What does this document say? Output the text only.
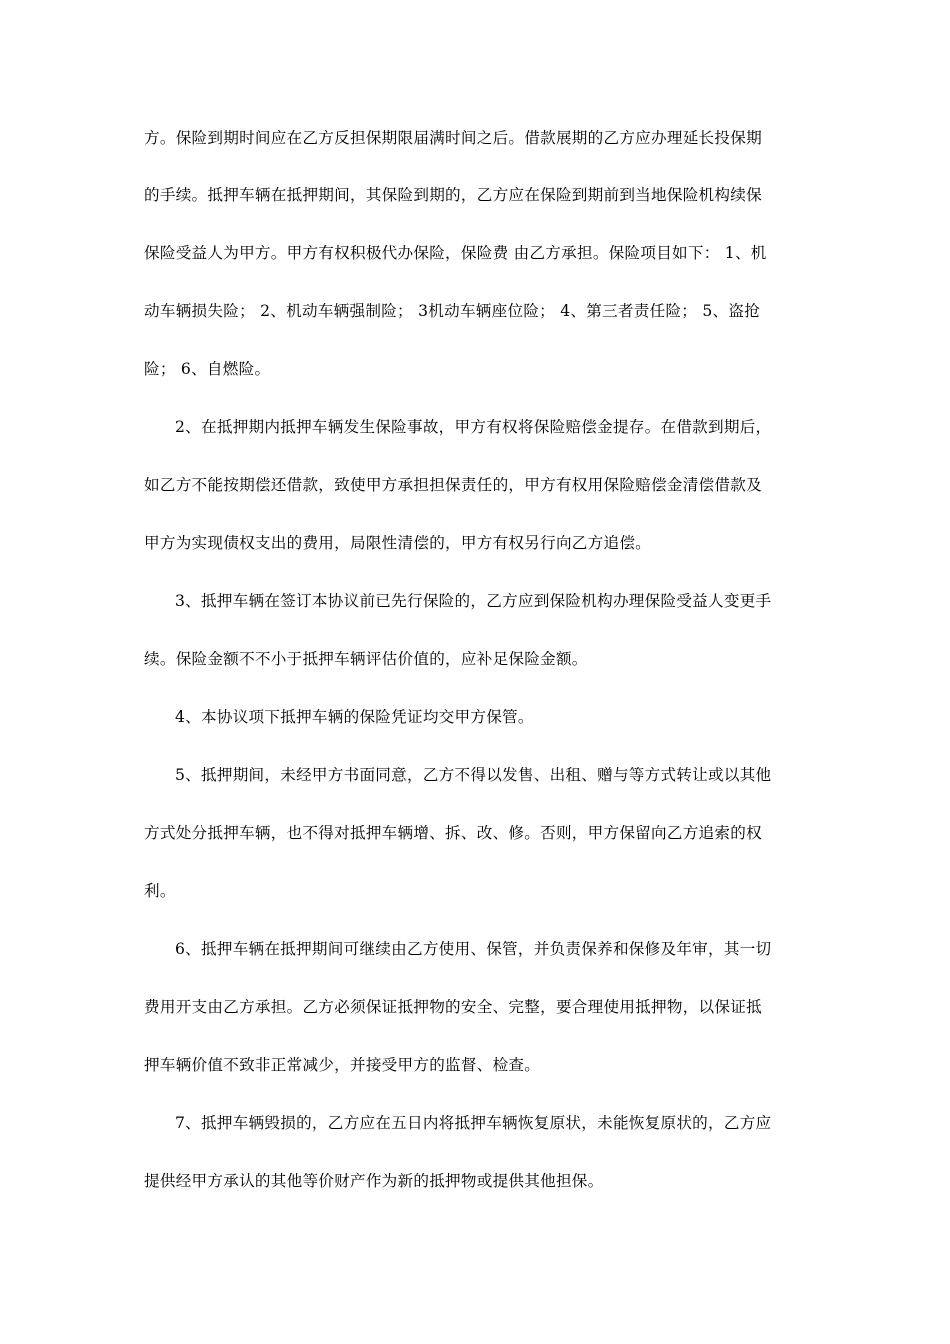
方。保险到期时间应在乙方反担保期限届满时间之后。借款展期的乙方应办理延长投保期
的手续。抵押车辆在抵押期间，其保险到期的，乙方应在保险到期前到当地保险机构续保
保险受益人为甲方。甲方有权积极代办保险，保险费 由乙方承担。保险项目如下： 1、机
动车辆损失险； 2、机动车辆强制险； 3机动车辆座位险； 4、第三者责任险； 5、盗抢
险； 6、自燃险。
2、在抵押期内抵押车辆发生保险事故，甲方有权将保险赔偿金提存。在借款到期后，
如乙方不能按期偿还借款，致使甲方承担担保责任的，甲方有权用保险赔偿金清偿借款及
甲方为实现债权支出的费用，局限性清偿的，甲方有权另行向乙方追偿。
3、抵押车辆在签订本协议前已先行保险的，乙方应到保险机构办理保险受益人变更手
续。保险金额不不小于抵押车辆评估价值的，应补足保险金额。
4、本协议项下抵押车辆的保险凭证均交甲方保管。
5、抵押期间，未经甲方书面同意，乙方不得以发售、出租、赠与等方式转让或以其他
方式处分抵押车辆，也不得对抵押车辆增、拆、改、修。否则，甲方保留向乙方追索的权
利。
6、抵押车辆在抵押期间可继续由乙方使用、保管，并负责保养和保修及年审，其一切
费用开支由乙方承担。乙方必须保证抵押物的安全、完整，要合理使用抵押物，以保证抵
押车辆价值不致非正常减少，并接受甲方的监督、检查。
7、抵押车辆毁损的，乙方应在五日内将抵押车辆恢复原状，未能恢复原状的，乙方应
提供经甲方承认的其他等价财产作为新的抵押物或提供其他担保。
